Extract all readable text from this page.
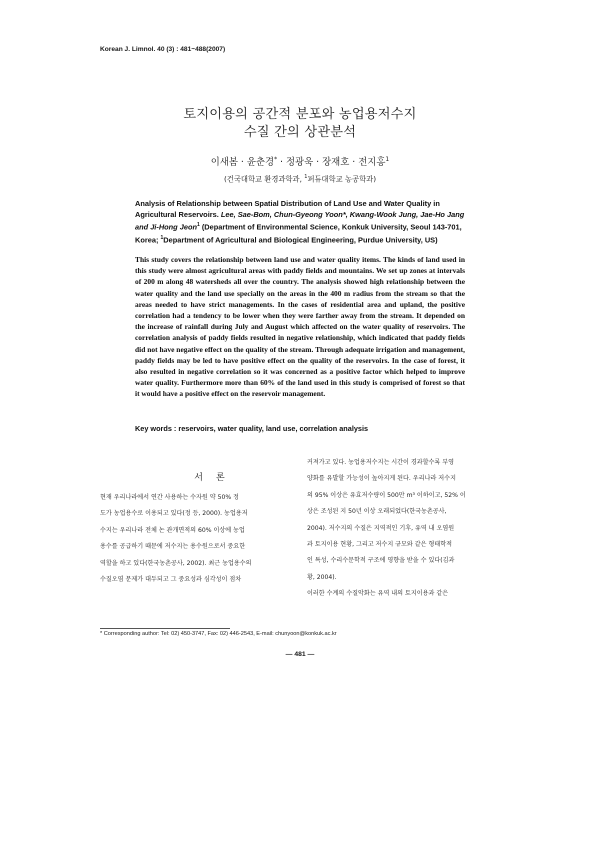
Korean J. Limnol. 40 (3) : 481~488(2007)
토지이용의 공간적 분포와 농업용저수지
수질 간의 상관분석
이새봄 · 윤춘경* · 정광욱 · 장재호 · 전지홍$^1$
(건국대학교 환경과학과, $^1$퍼듀대학교 농공학과)
Analysis of Relationship between Spatial Distribution of Land Use and Water Quality in Agricultural Reservoirs. Lee, Sae-Bom, Chun-Gyeong Yoon*, Kwang-Wook Jung, Jae-Ho Jang and Ji-Hong Jeon$^1$ (Department of Environmental Science, Konkuk University, Seoul 143-701, Korea; $^1$Department of Agricultural and Biological Engineering, Purdue University, US)
This study covers the relationship between land use and water quality items. The kinds of land used in this study were almost agricultural areas with paddy fields and mountains. We set up zones at intervals of 200 m along 48 watersheds all over the country. The analysis showed high relationship between the water quality and the land use specially on the areas in the 400 m radius from the stream so that the areas needed to have strict managements. In the cases of residential area and upland, the positive correlation had a tendency to be lower when they were farther away from the stream. It depended on the increase of rainfall during July and August which affected on the water quality of reservoirs. The correlation analysis of paddy fields resulted in negative relationship, which indicated that paddy fields did not have negative effect on the quality of the stream. Through adequate irrigation and management, paddy fields may be led to have positive effect on the quality of the reservoirs. In the case of forest, it also resulted in negative correlation so it was concerned as a positive factor which helped to improve water quality. Furthermore more than 60% of the land used in this study is comprised of forest so that it would have a positive effect on the reservoir management.
Key words : reservoirs, water quality, land use, correlation analysis
서 론
현재 우리나라에서 연간 사용하는 수자원 약 50% 정
도가 농업용수로 이용되고 있다(정 등, 2000). 농업용저
수지는 우리나라 전체 논 관개면적의 60% 이상에 농업
용수를 공급하기 때문에 저수지는 용수원으로서 중요한
역할을 하고 있다(한국농촌공사, 2002). 최근 농업용수의
수질오염 문제가 대두되고 그 중요성과 심각성이 점차
커져가고 있다. 농업용저수지는 시간이 경과할수록 부영
양화를 유발할 가능성이 높아지게 된다. 우리나라 저수지
의 95% 이상은 유효저수량이 500만 m³ 이하이고, 52% 이
상은 조성된 지 50년 이상 오래되었다(한국농촌공사,
2004). 저수지의 수질은 지역적인 기후, 유역 내 오염원
과 토지이용 현황, 그리고 저수지 규모와 같은 형태학적
인 특성, 수리수문학적 구조에 영향을 받을 수 있다(김과
황, 2004).
이러한 수계의 수질악화는 유역 내의 토지이용과 같은
* Corresponding author: Tel: 02) 450-3747, Fax: 02) 446-2543, E-mail: chunyoon@konkuk.ac.kr
— 481 —
